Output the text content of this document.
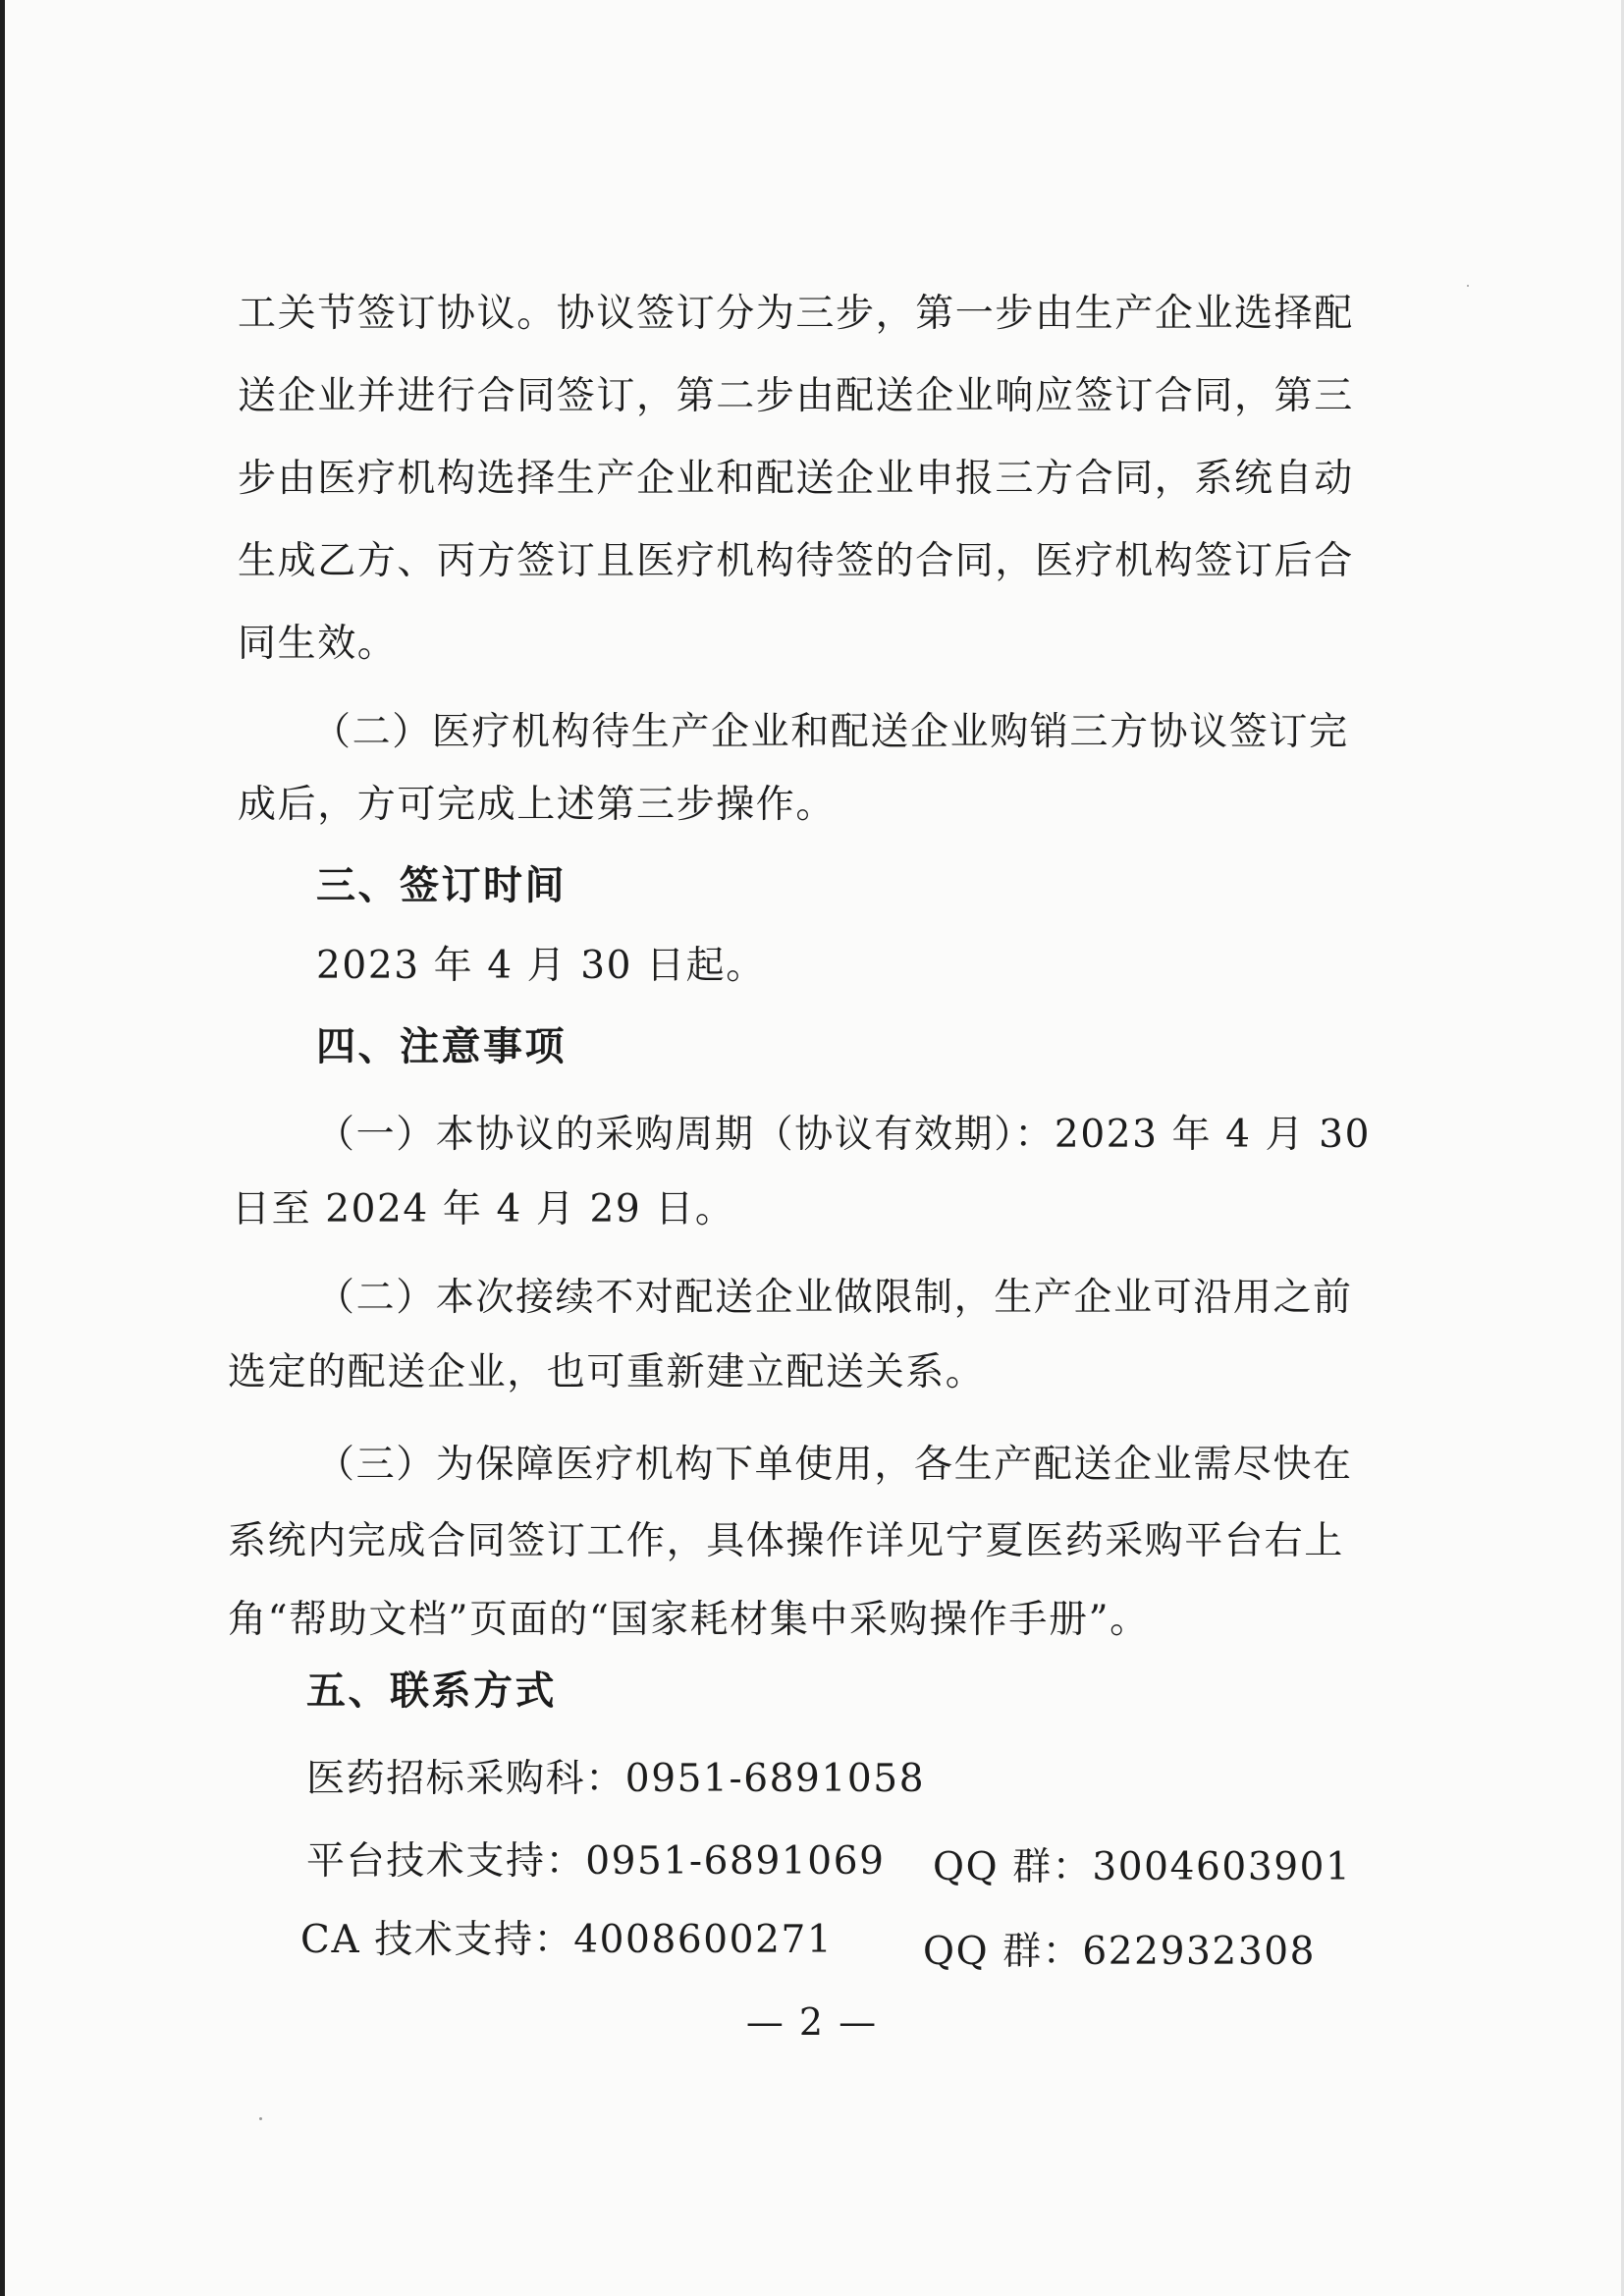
工关节签订协议。协议签订分为三步，第一步由生产企业选择配
送企业并进行合同签订，第二步由配送企业响应签订合同，第三
步由医疗机构选择生产企业和配送企业申报三方合同，系统自动
生成乙方、丙方签订且医疗机构待签的合同，医疗机构签订后合
同生效。
（二）医疗机构待生产企业和配送企业购销三方协议签订完
成后，方可完成上述第三步操作。
三、签订时间
2023 年 4 月 30 日起。
四、注意事项
（一）本协议的采购周期（协议有效期）：2023 年 4 月 30
日至 2024 年 4 月 29 日。
（二）本次接续不对配送企业做限制，生产企业可沿用之前
选定的配送企业，也可重新建立配送关系。
（三）为保障医疗机构下单使用，各生产配送企业需尽快在
系统内完成合同签订工作，具体操作详见宁夏医药采购平台右上
角“帮助文档”页面的“国家耗材集中采购操作手册”。
五、联系方式
医药招标采购科：0951-6891058
平台技术支持：0951-6891069 QQ 群：3004603901
CA 技术支持：4008600271 QQ 群：622932308
— 2 —
